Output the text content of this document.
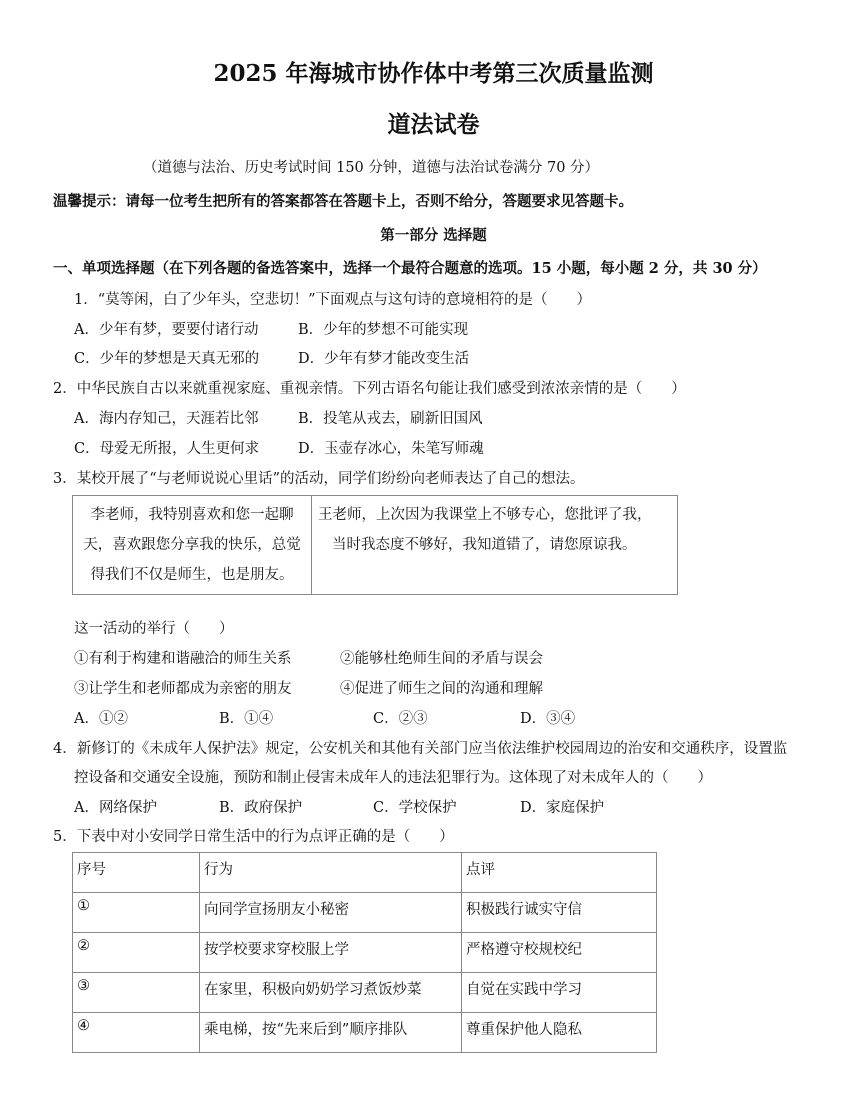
2025 年海城市协作体中考第三次质量监测
道法试卷
（道德与法治、历史考试时间 150 分钟，道德与法治试卷满分 70 分）
温馨提示：请每一位考生把所有的答案都答在答题卡上，否则不给分，答题要求见答题卡。
第一部分 选择题
一、单项选择题（在下列各题的备选答案中，选择一个最符合题意的选项。15 小题，每小题 2 分，共 30 分）
1．“莫等闲，白了少年头，空悲切！”下面观点与这句诗的意境相符的是（　　）
A．少年有梦，要要付诸行动	B．少年的梦想不可能实现
C．少年的梦想是天真无邪的	D．少年有梦才能改变生活
2．中华民族自古以来就重视家庭、重视亲情。下列古语名句能让我们感受到浓浓亲情的是（　　）
A．海内存知己，天涯若比邻	B．投笔从戎去，刷新旧国风
C．母爱无所报，人生更何求	D．玉壶存冰心，朱笔写师魂
3．某校开展了“与老师说说心里话”的活动，同学们纷纷向老师表达了自己的想法。
李老师，我特别喜欢和您一起聊
天，喜欢跟您分享我的快乐，总觉
得我们不仅是师生，也是朋友。

王老师，上次因为我课堂上不够专心，您批评了我，
当时我态度不够好，我知道错了，请您原谅我。
这一活动的举行（　　）
①有利于构建和谐融洽的师生关系	②能够杜绝师生间的矛盾与误会
③让学生和老师都成为亲密的朋友	④促进了师生之间的沟通和理解
A．①②	B．①④	C．②③	D．③④
4．新修订的《未成年人保护法》规定，公安机关和其他有关部门应当依法维护校园周边的治安和交通秩序，设置监
控设备和交通安全设施，预防和制止侵害未成年人的违法犯罪行为。这体现了对未成年人的（　　）
A．网络保护	B．政府保护	C．学校保护	D．家庭保护
5．下表中对小安同学日常生活中的行为点评正确的是（　　）
序号	行为	点评
①	向同学宣扬朋友小秘密	积极践行诚实守信
②	按学校要求穿校服上学	严格遵守校规校纪
③	在家里，积极向奶奶学习煮饭炒菜	自觉在实践中学习
④	乘电梯，按“先来后到”顺序排队	尊重保护他人隐私
